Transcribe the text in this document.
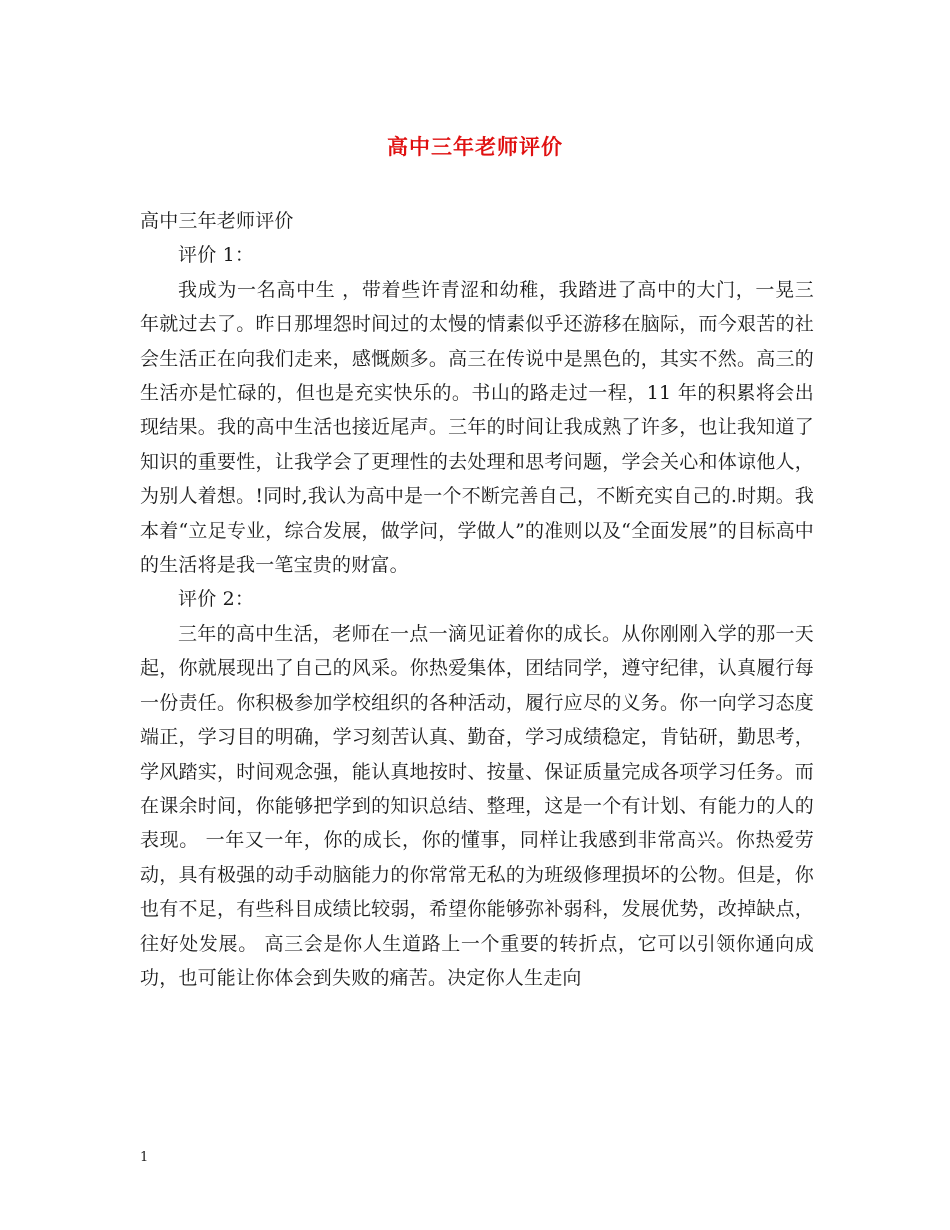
高中三年老师评价

高中三年老师评价

评价 1：

我成为一名高中生 ，带着些许青涩和幼稚，我踏进了高中的大门，一晃三年就过去了。昨日那埋怨时间过的太慢的情素似乎还游移在脑际，而今艰苦的社会生活正在向我们走来，感慨颇多。高三在传说中是黑色的，其实不然。高三的生活亦是忙碌的，但也是充实快乐的。书山的路走过一程，11 年的积累将会出现结果。我的高中生活也接近尾声。三年的时间让我成熟了许多，也让我知道了知识的重要性，让我学会了更理性的去处理和思考问题，学会关心和体谅他人，为别人着想。!同时,我认为高中是一个不断完善自己，不断充实自己的.时期。我本着“立足专业，综合发展，做学问，学做人”的准则以及“全面发展”的目标高中的生活将是我一笔宝贵的财富。

评价 2：

三年的高中生活，老师在一点一滴见证着你的成长。从你刚刚入学的那一天起，你就展现出了自己的风采。你热爱集体，团结同学，遵守纪律，认真履行每一份责任。你积极参加学校组织的各种活动，履行应尽的义务。你一向学习态度端正，学习目的明确，学习刻苦认真、勤奋，学习成绩稳定，肯钻研，勤思考，学风踏实，时间观念强，能认真地按时、按量、保证质量完成各项学习任务。而在课余时间，你能够把学到的知识总结、整理，这是一个有计划、有能力的人的表现。 一年又一年，你的成长，你的懂事，同样让我感到非常高兴。你热爱劳动，具有极强的动手动脑能力的你常常无私的为班级修理损坏的公物。但是，你也有不足，有些科目成绩比较弱，希望你能够弥补弱科，发展优势，改掉缺点，往好处发展。 高三会是你人生道路上一个重要的转折点，它可以引领你通向成功，也可能让你体会到失败的痛苦。决定你人生走向

1
